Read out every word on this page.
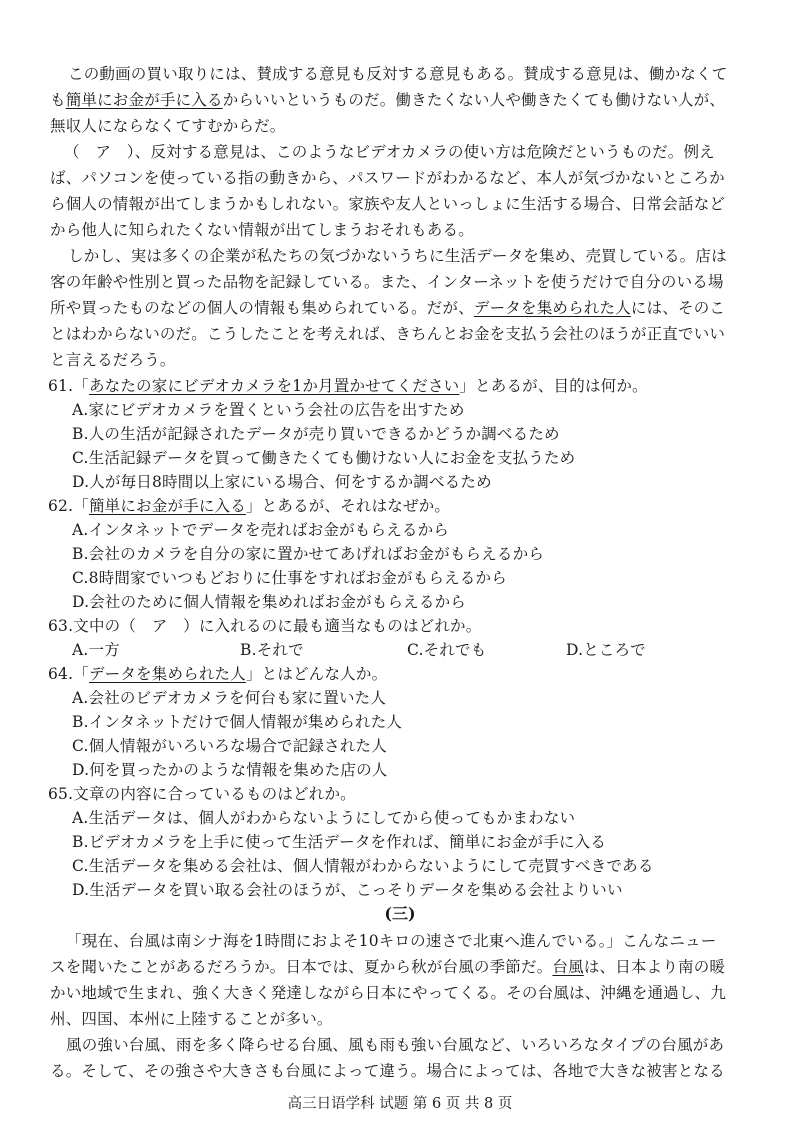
この動画の買い取りには、賛成する意見も反対する意見もある。賛成する意見は、働かなくて
も簡単にお金が手に入るからいいというものだ。働きたくない人や働きたくても働けない人が、
無収人にならなくてすむからだ。
（　ア　）、反対する意見は、このようなビデオカメラの使い方は危険だというものだ。例え
ば、パソコンを使っている指の動きから、パスワードがわかるなど、本人が気づかないところか
ら個人の情報が出てしまうかもしれない。家族や友人といっしょに生活する場合、日常会話など
から他人に知られたくない情報が出てしまうおそれもある。
しかし、実は多くの企業が私たちの気づかないうちに生活データを集め、売買している。店は
客の年齢や性別と買った品物を記録している。また、インターネットを使うだけで自分のいる場
所や買ったものなどの個人の情報も集められている。だが、データを集められた人には、そのこ
とはわからないのだ。こうしたことを考えれば、きちんとお金を支払う会社のほうが正直でいい
と言えるだろう。
61.「あなたの家にビデオカメラを1か月置かせてください」とあるが、目的は何か。
A.家にビデオカメラを置くという会社の広告を出すため
B.人の生活が記録されたデータが売り買いできるかどうか調べるため
C.生活記録データを買って働きたくても働けない人にお金を支払うため
D.人が毎日8時間以上家にいる場合、何をするか調べるため
62.「簡単にお金が手に入る」とあるが、それはなぜか。
A.インタネットでデータを売ればお金がもらえるから
B.会社のカメラを自分の家に置かせてあげればお金がもらえるから
C.8時間家でいつもどおりに仕事をすればお金がもらえるから
D.会社のために個人情報を集めればお金がもらえるから
63.文中の（　ア　）に入れるのに最も適当なものはどれか。
A.一方	B.それで	C.それでも	D.ところで
64.「データを集められた人」とはどんな人か。
A.会社のビデオカメラを何台も家に置いた人
B.インタネットだけで個人情報が集められた人
C.個人情報がいろいろな場合で記録された人
D.何を買ったかのような情報を集めた店の人
65.文章の内容に合っているものはどれか。
A.生活データは、個人がわからないようにしてから使ってもかまわない
B.ビデオカメラを上手に使って生活データを作れば、簡単にお金が手に入る
C.生活データを集める会社は、個人情報がわからないようにして売買すべきである
D.生活データを買い取る会社のほうが、こっそりデータを集める会社よりいい
(三)
「現在、台風は南シナ海を1時間におよそ10キロの速さで北東へ進んでいる。」こんなニュー
スを聞いたことがあるだろうか。日本では、夏から秋が台風の季節だ。台風は、日本より南の暖
かい地域で生まれ、強く大きく発達しながら日本にやってくる。その台風は、沖縄を通過し、九
州、四国、本州に上陸することが多い。
風の強い台風、雨を多く降らせる台風、風も雨も強い台風など、いろいろなタイプの台風があ
る。そして、その強さや大きさも台風によって違う。場合によっては、各地で大きな被害となる
高三日语学科 试题 第 6 页 共 8 页
